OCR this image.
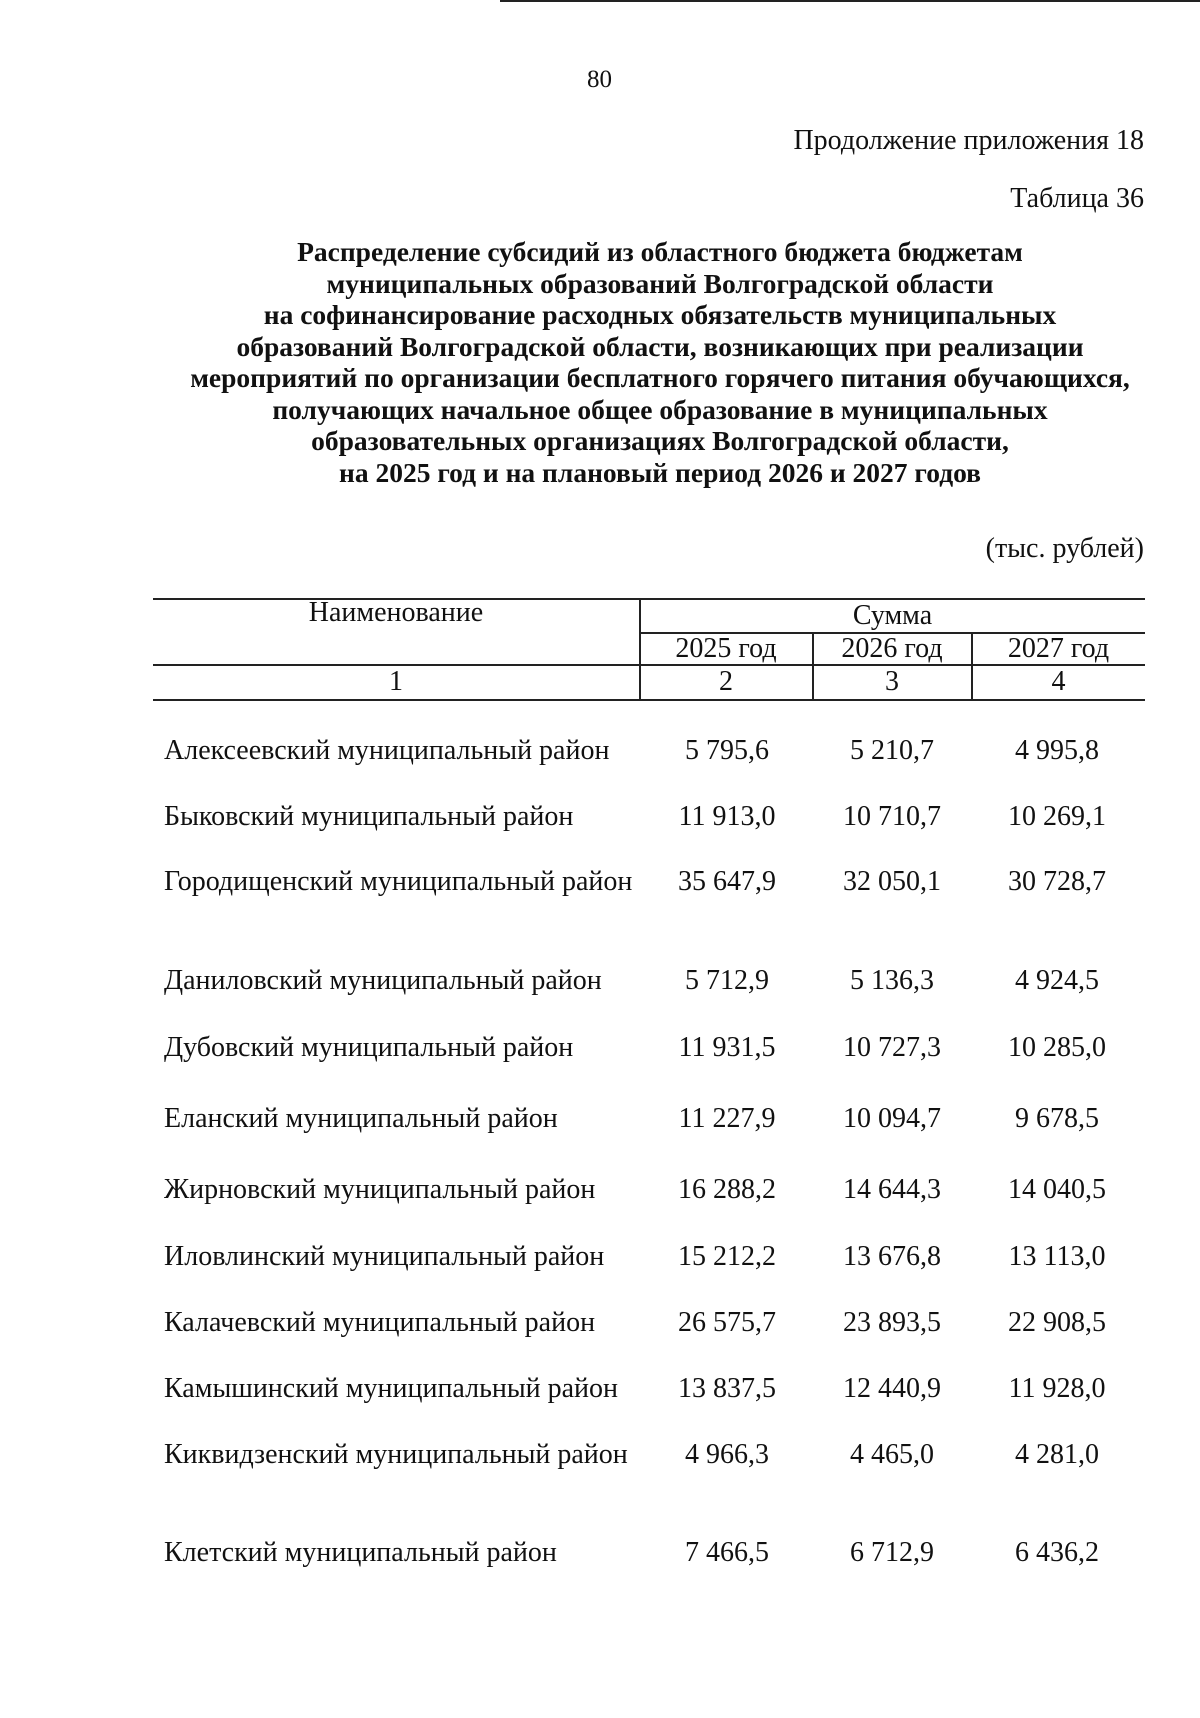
80
Продолжение приложения 18
Таблица 36
Распределение субсидий из областного бюджета бюджетам
муниципальных образований Волгоградской области
на софинансирование расходных обязательств муниципальных
образований Волгоградской области, возникающих при реализации
мероприятий по организации бесплатного горячего питания обучающихся,
получающих начальное общее образование в муниципальных
образовательных организациях Волгоградской области,
на 2025 год и на плановый период 2026 и 2027 годов
(тыс. рублей)
Наименование	Сумма
2025 год	2026 год	2027 год
1	2	3	4
Алексеевский муниципальный район	5 795,6	5 210,7	4 995,8
Быковский муниципальный район	11 913,0	10 710,7	10 269,1
Городищенский муниципальный район	35 647,9	32 050,1	30 728,7
Даниловский муниципальный район	5 712,9	5 136,3	4 924,5
Дубовский муниципальный район	11 931,5	10 727,3	10 285,0
Еланский муниципальный район	11 227,9	10 094,7	9 678,5
Жирновский муниципальный район	16 288,2	14 644,3	14 040,5
Иловлинский муниципальный район	15 212,2	13 676,8	13 113,0
Калачевский муниципальный район	26 575,7	23 893,5	22 908,5
Камышинский муниципальный район	13 837,5	12 440,9	11 928,0
Киквидзенский муниципальный район	4 966,3	4 465,0	4 281,0
Клетский муниципальный район	7 466,5	6 712,9	6 436,2
